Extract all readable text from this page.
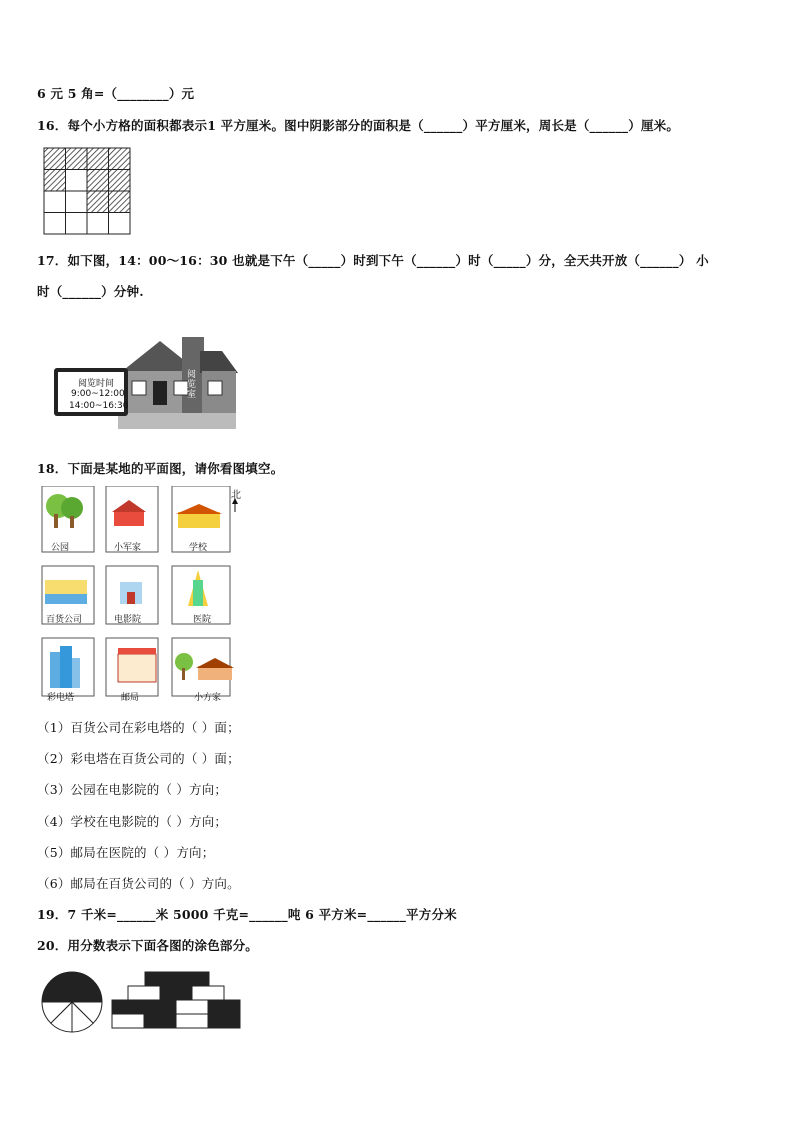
6 元 5 角=（________）元
16．每个小方格的面积都表示1 平方厘米。图中阴影部分的面积是（______）平方厘米，周长是（______）厘米。
17．如下图，14：00～16：30 也就是下午（_____）时到下午（______）时（_____）分，全天共开放（______） 小
时（______）分钟.
阅览时间
9:00~12:00
14:00~16:30
阅览室
18．下面是某地的平面图，请你看图填空。
北
公园	小军家	学校
百货公司	电影院	医院
彩电塔	邮局	小方家
（1）百货公司在彩电塔的（ ）面；
（2）彩电塔在百货公司的（ ）面；
（3）公园在电影院的（ ）方向；
（4）学校在电影院的（ ）方向；
（5）邮局在医院的（ ）方向；
（6）邮局在百货公司的（ ）方向。
19．7 千米=______米 5000 千克=______吨 6 平方米=______平方分米
20．用分数表示下面各图的涂色部分。
